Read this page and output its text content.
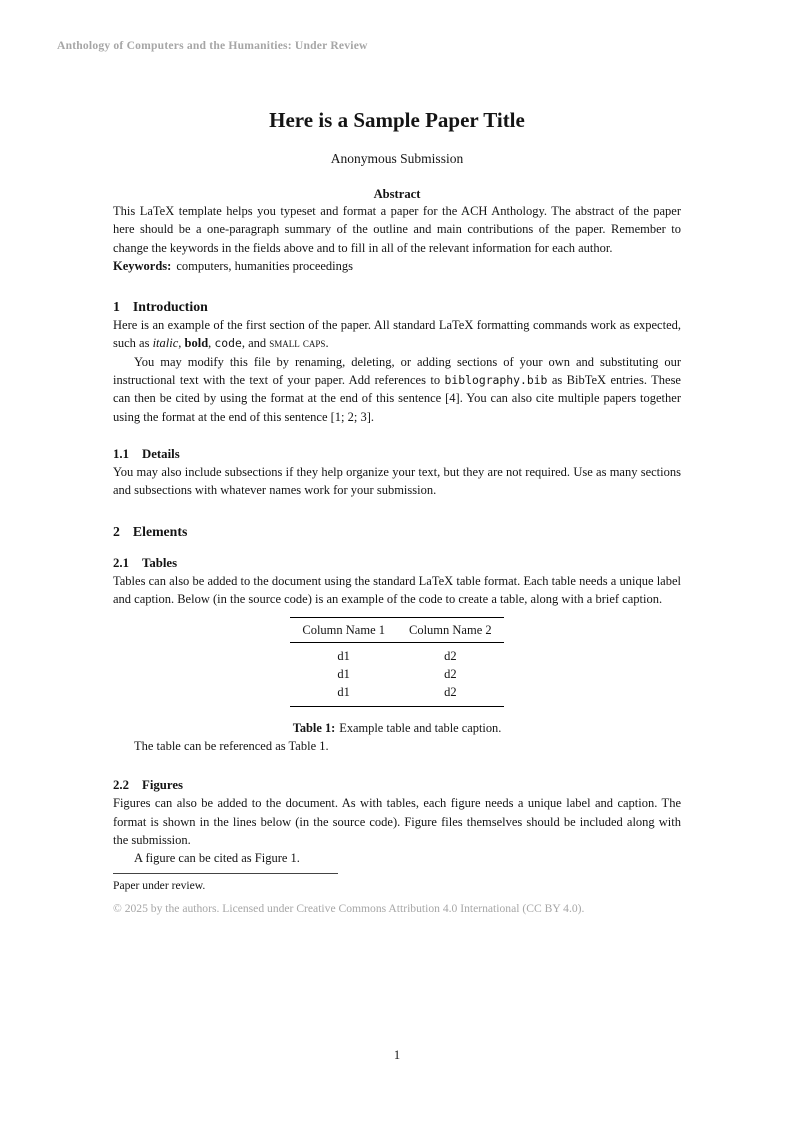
Anthology of Computers and the Humanities: Under Review
Here is a Sample Paper Title
Anonymous Submission
Abstract

This LaTeX template helps you typeset and format a paper for the ACH Anthology. The abstract of the paper here should be a one-paragraph summary of the outline and main contributions of the paper. Remember to change the keywords in the fields above and to fill in all of the relevant information for each author.

Keywords: computers, humanities proceedings

1 Introduction

Here is an example of the first section of the paper. All standard LaTeX formatting commands work as expected, such as italic, bold, code, and small caps.

You may modify this file by renaming, deleting, or adding sections of your own and substituting our instructional text with the text of your paper. Add references to biblography.bib as BibTeX entries. These can then be cited by using the format at the end of this sentence [4]. You can also cite multiple papers together using the format at the end of this sentence [1; 2; 3].

1.1 Details

You may also include subsections if they help organize your text, but they are not required. Use as many sections and subsections with whatever names work for your submission.

2 Elements
2.1 Tables

Tables can also be added to the document using the standard LaTeX table format. Each table needs a unique label and caption. Below (in the source code) is an example of the code to create a table, along with a brief caption.

Column Name 1	Column Name 2
d1	d2
d1	d2
d1	d2
Table 1: Example table and table caption.

The table can be referenced as Table 1.

2.2 Figures

Figures can also be added to the document. As with tables, each figure needs a unique label and caption. The format is shown in the lines below (in the source code). Figure files themselves should be included along with the submission.

A figure can be cited as Figure 1.

Paper under review.

© 2025 by the authors. Licensed under Creative Commons Attribution 4.0 International (CC BY 4.0).

1
